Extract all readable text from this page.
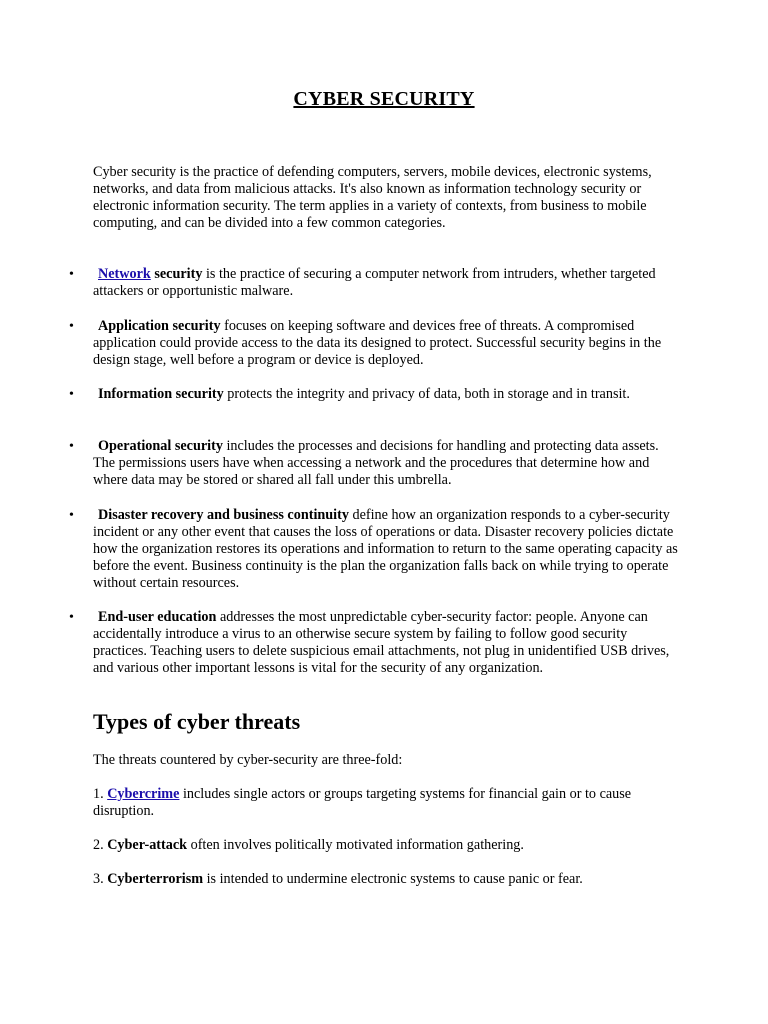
CYBER SECURITY
Cyber security is the practice of defending computers, servers, mobile devices, electronic systems, networks, and data from malicious attacks. It's also known as information technology security or electronic information security. The term applies in a variety of contexts, from business to mobile computing, and can be divided into a few common categories.
•	Network security is the practice of securing a computer network from intruders, whether targeted attackers or opportunistic malware.
•	Application security focuses on keeping software and devices free of threats. A compromised application could provide access to the data its designed to protect. Successful security begins in the design stage, well before a program or device is deployed.
•	Information security protects the integrity and privacy of data, both in storage and in transit.
•	Operational security includes the processes and decisions for handling and protecting data assets. The permissions users have when accessing a network and the procedures that determine how and where data may be stored or shared all fall under this umbrella.
•	Disaster recovery and business continuity define how an organization responds to a cyber-security incident or any other event that causes the loss of operations or data. Disaster recovery policies dictate how the organization restores its operations and information to return to the same operating capacity as before the event. Business continuity is the plan the organization falls back on while trying to operate without certain resources.
•	End-user education addresses the most unpredictable cyber-security factor: people. Anyone can accidentally introduce a virus to an otherwise secure system by failing to follow good security practices. Teaching users to delete suspicious email attachments, not plug in unidentified USB drives, and various other important lessons is vital for the security of any organization.
Types of cyber threats
The threats countered by cyber-security are three-fold:
1. Cybercrime includes single actors or groups targeting systems for financial gain or to cause disruption.
2. Cyber-attack often involves politically motivated information gathering.
3. Cyberterrorism is intended to undermine electronic systems to cause panic or fear.
